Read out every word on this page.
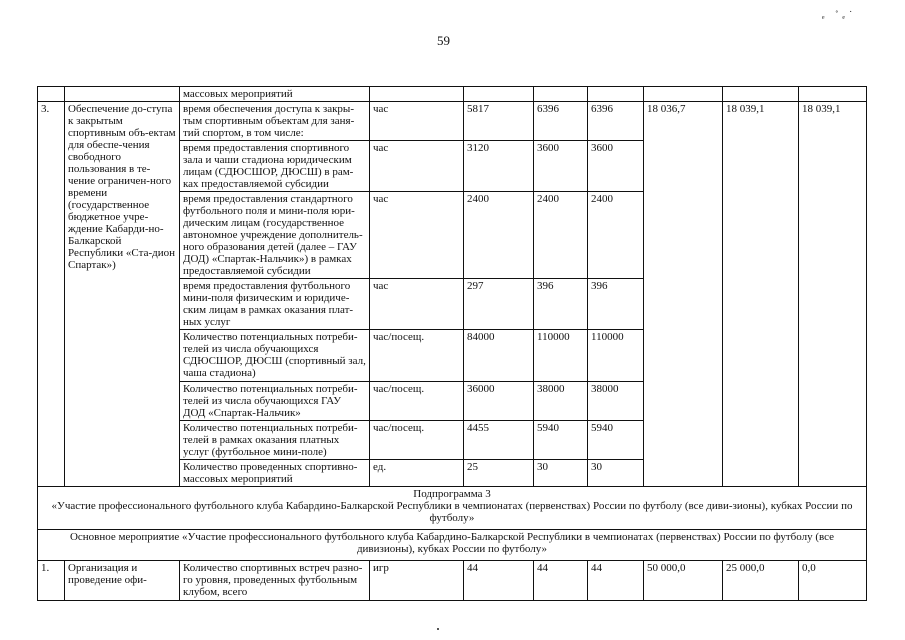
59
ₑ ˚ₑ˙
		массовых мероприятий							
3.	Обеспечение до-ступа к закрытым спортивным объ-ектам для обеспе-чения свободного пользования в те-чение ограничен-ного времени (государственное бюджетное учре-ждение Кабарди-но-Балкарской Республики «Ста-дион Спартак»)	время обеспечения доступа к закры-тым спортивным объектам для заня-тий спортом, в том числе:	час	5817	6396	6396	18 036,7	18 039,1	18 039,1
		время предоставления спортивного зала и чаши стадиона юридическим лицам (СДЮСШОР, ДЮСШ) в рам-ках предоставляемой субсидии	час	3120	3600	3600			
		время предоставления стандартного футбольного поля и мини-поля юри-дическим лицам (государственное автономное учреждение дополнитель-ного образования детей (далее – ГАУ ДОД) «Спартак-Нальчик») в рамках предоставляемой субсидии	час	2400	2400	2400			
		время предоставления футбольного мини-поля физическим и юридиче-ским лицам в рамках оказания плат-ных услуг	час	297	396	396			
		Количество потенциальных потреби-телей из числа обучающихся СДЮСШОР, ДЮСШ (спортивный зал, чаша стадиона)	час/посещ.	84000	110000	110000			
		Количество потенциальных потреби-телей из числа обучающихся ГАУ ДОД «Спартак-Нальчик»	час/посещ.	36000	38000	38000			
		Количество потенциальных потреби-телей в рамках оказания платных услуг (футбольное мини-поле)	час/посещ.	4455	5940	5940			
		Количество проведенных спортивно-массовых мероприятий	ед.	25	30	30			

Подпрограмма 3
«Участие профессионального футбольного клуба Кабардино-Балкарской Республики в чемпионатах (первенствах) России по футболу (все диви-зионы), кубках России по футболу»									

Основное мероприятие «Участие профессионального футбольного клуба Кабардино-Балкарской Республики в чемпионатах (первенствах) России по футболу (все дивизионы), кубках России по футболу»									
1.	Организация и проведение офи-	Количество спортивных встреч разно-го уровня, проведенных футбольным клубом, всего	игр	44	44	44	50 000,0	25 000,0	0,0
